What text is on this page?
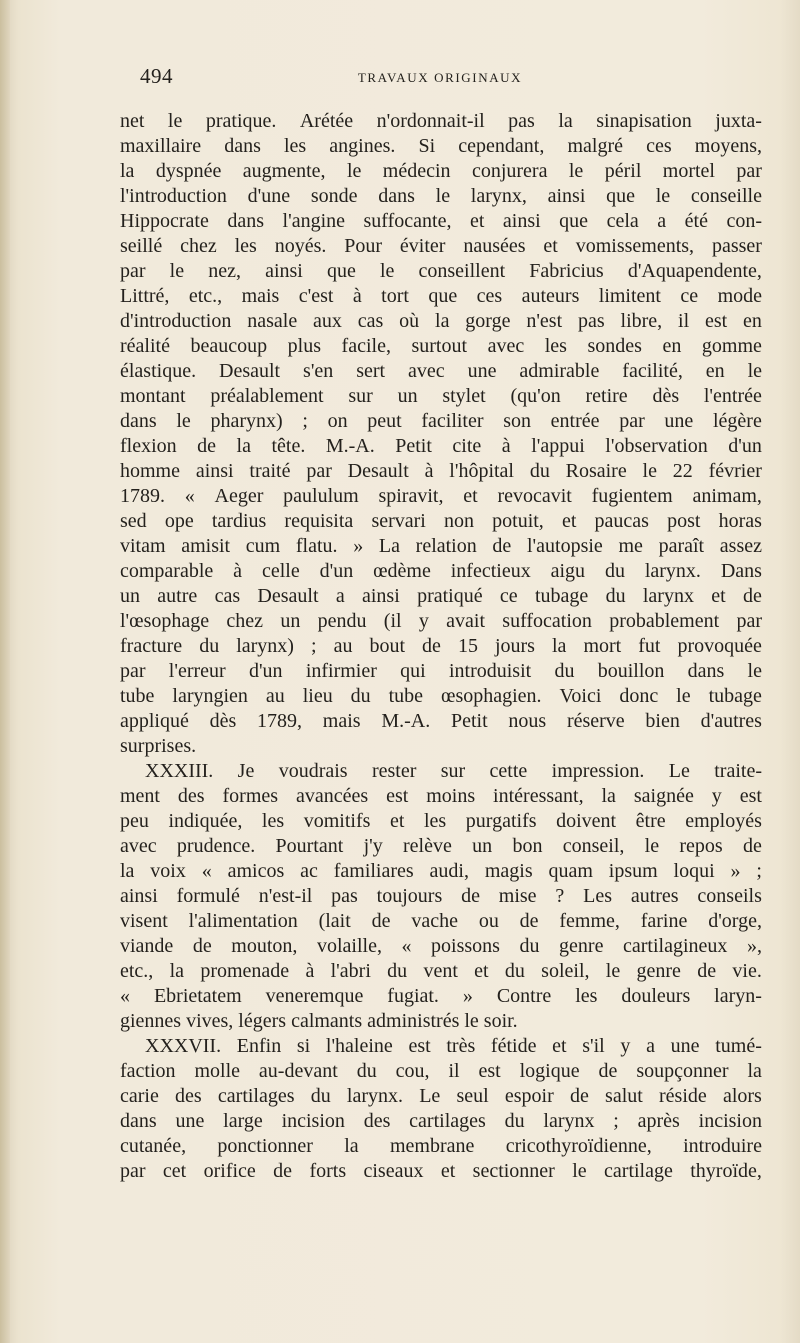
494	TRAVAUX ORIGINAUX
net le pratique. Arétée n'ordonnait-il pas la sinapisation juxta-
maxillaire dans les angines. Si cependant, malgré ces moyens,
la dyspnée augmente, le médecin conjurera le péril mortel par
l'introduction d'une sonde dans le larynx, ainsi que le conseille
Hippocrate dans l'angine suffocante, et ainsi que cela a été con-
seillé chez les noyés. Pour éviter nausées et vomissements, passer
par le nez, ainsi que le conseillent Fabricius d'Aquapendente,
Littré, etc., mais c'est à tort que ces auteurs limitent ce mode
d'introduction nasale aux cas où la gorge n'est pas libre, il est en
réalité beaucoup plus facile, surtout avec les sondes en gomme
élastique. Desault s'en sert avec une admirable facilité, en le
montant préalablement sur un stylet (qu'on retire dès l'entrée
dans le pharynx) ; on peut faciliter son entrée par une légère
flexion de la tête. M.-A. Petit cite à l'appui l'observation d'un
homme ainsi traité par Desault à l'hôpital du Rosaire le 22 février
1789. « Aeger paululum spiravit, et revocavit fugientem animam,
sed ope tardius requisita servari non potuit, et paucas post horas
vitam amisit cum flatu. » La relation de l'autopsie me paraît assez
comparable à celle d'un œdème infectieux aigu du larynx. Dans
un autre cas Desault a ainsi pratiqué ce tubage du larynx et de
l'œsophage chez un pendu (il y avait suffocation probablement par
fracture du larynx) ; au bout de 15 jours la mort fut provoquée
par l'erreur d'un infirmier qui introduisit du bouillon dans le
tube laryngien au lieu du tube œsophagien. Voici donc le tubage
appliqué dès 1789, mais M.-A. Petit nous réserve bien d'autres
surprises.
XXXIII. Je voudrais rester sur cette impression. Le traite-
ment des formes avancées est moins intéressant, la saignée y est
peu indiquée, les vomitifs et les purgatifs doivent être employés
avec prudence. Pourtant j'y relève un bon conseil, le repos de
la voix « amicos ac familiares audi, magis quam ipsum loqui » ;
ainsi formulé n'est-il pas toujours de mise ? Les autres conseils
visent l'alimentation (lait de vache ou de femme, farine d'orge,
viande de mouton, volaille, « poissons du genre cartilagineux »,
etc., la promenade à l'abri du vent et du soleil, le genre de vie.
« Ebrietatem veneremque fugiat. » Contre les douleurs laryn-
giennes vives, légers calmants administrés le soir.
XXXVII. Enfin si l'haleine est très fétide et s'il y a une tumé-
faction molle au-devant du cou, il est logique de soupçonner la
carie des cartilages du larynx. Le seul espoir de salut réside alors
dans une large incision des cartilages du larynx ; après incision
cutanée, ponctionner la membrane cricothyroïdienne, introduire
par cet orifice de forts ciseaux et sectionner le cartilage thyroïde,
